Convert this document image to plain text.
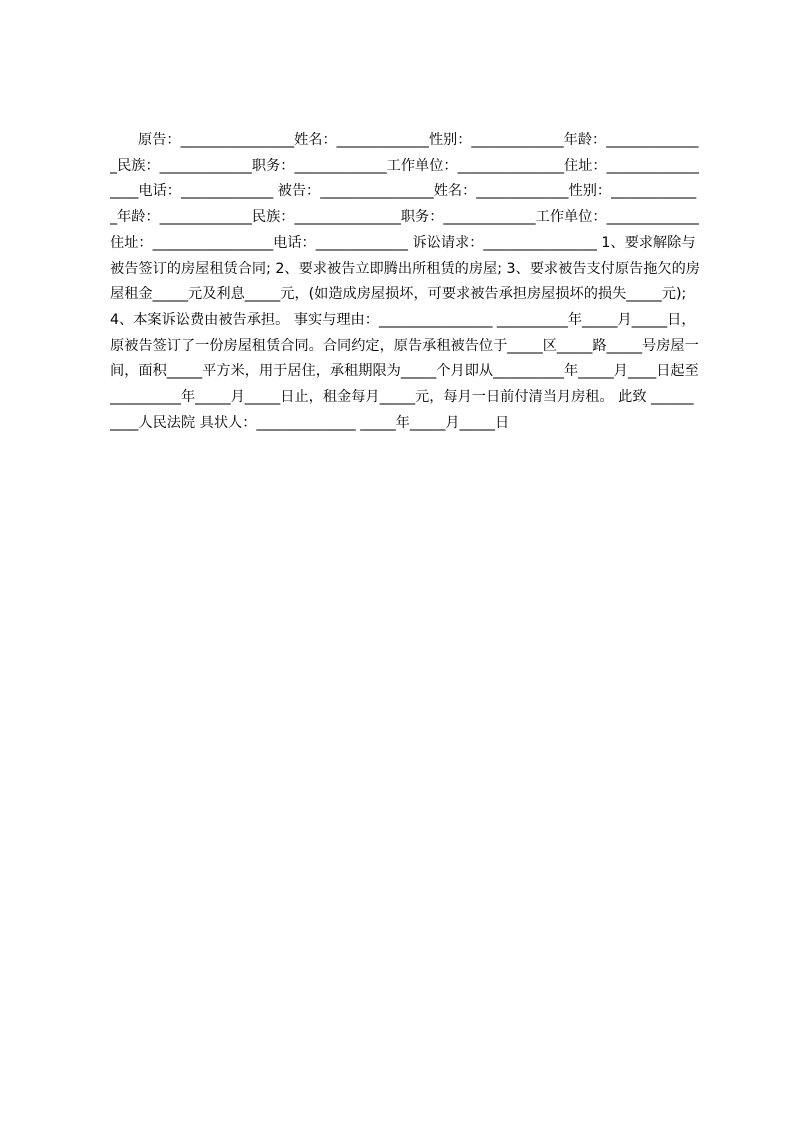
原告：________________姓名：_____________性别：_____________年龄：______________民族：_____________职务：_____________工作单位：_______________住址：_________________电话：_____________ 被告：________________姓名：_____________性别：_____________年龄：_____________民族：_______________职务：_____________工作单位：_____________住址：_________________电话：_____________ 诉讼请求：________________ 1、要求解除与被告签订的房屋租赁合同; 2、要求被告立即腾出所租赁的房屋; 3、要求被告支付原告拖欠的房屋租金_____元及利息_____元，(如造成房屋损坏，可要求被告承担房屋损坏的损失_____元); 4、本案诉讼费由被告承担。 事实与理由：________________ __________年_____月_____日，原被告签订了一份房屋租赁合同。合同约定，原告承租被告位于_____区_____路_____号房屋一间，面积_____平方米，用于居住，承租期限为_____个月即从__________年_____月____日起至__________年_____月_____日止，租金每月_____元，每月一日前付清当月房租。 此致 __________人民法院 具状人：______________ _____年_____月_____日
